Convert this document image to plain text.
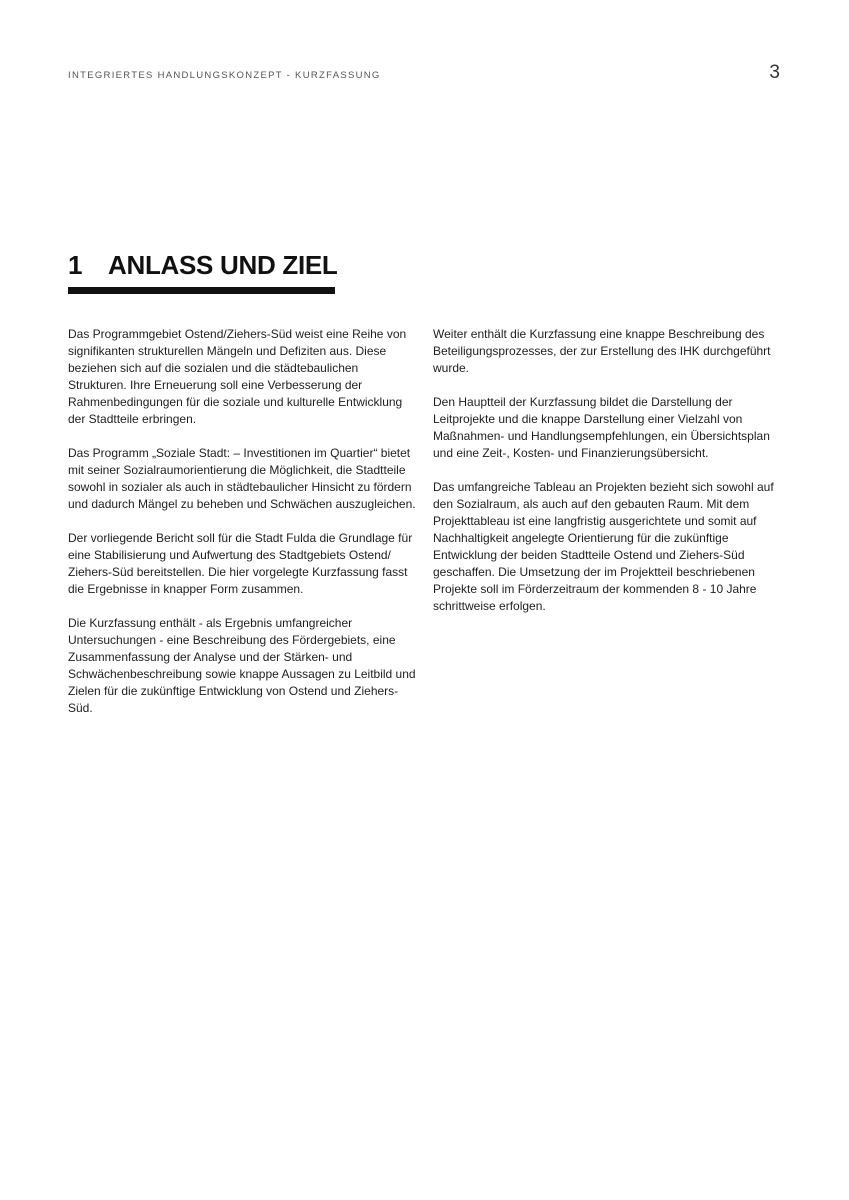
INTEGRIERTES HANDLUNGSKONZEPT - KURZFASSUNG	3
1 ANLASS UND ZIEL

Das Programmgebiet Ostend/Ziehers-Süd weist eine Reihe von signifikanten strukturellen Mängeln und Defiziten aus. Diese beziehen sich auf die sozialen und die städtebaulichen Strukturen. Ihre Erneuerung soll eine Verbesserung der Rahmenbedingungen für die soziale und kulturelle Entwicklung der Stadtteile erbringen.

Das Programm „Soziale Stadt: – Investitionen im Quartier“ bietet mit seiner Sozialraumorientierung die Möglichkeit, die Stadtteile sowohl in sozialer als auch in städtebaulicher Hinsicht zu fördern und dadurch Mängel zu beheben und Schwächen auszugleichen.

Der vorliegende Bericht soll für die Stadt Fulda die Grundlage für eine Stabilisierung und Aufwertung des Stadtgebiets Ostend/ Ziehers-Süd bereitstellen. Die hier vorgelegte Kurzfassung fasst die Ergebnisse in knapper Form zusammen.

Die Kurzfassung enthält - als Ergebnis umfangreicher Untersuchungen - eine Beschreibung des Fördergebiets, eine Zusammenfassung der Analyse und der Stärken- und Schwächenbeschreibung sowie knappe Aussagen zu Leitbild und Zielen für die zukünftige Entwicklung von Ostend und Ziehers-Süd.

Weiter enthält die Kurzfassung eine knappe Beschreibung des Beteiligungsprozesses, der zur Erstellung des IHK durchgeführt wurde.

Den Hauptteil der Kurzfassung bildet die Darstellung der Leitprojekte und die knappe Darstellung einer Vielzahl von Maßnahmen- und Handlungsempfehlungen, ein Übersichtsplan und eine Zeit-, Kosten- und Finanzierungsübersicht.

Das umfangreiche Tableau an Projekten bezieht sich sowohl auf den Sozialraum, als auch auf den gebauten Raum. Mit dem Projekttableau ist eine langfristig ausgerichtete und somit auf Nachhaltigkeit angelegte Orientierung für die zukünftige Entwicklung der beiden Stadtteile Ostend und Ziehers-Süd geschaffen. Die Umsetzung der im Projektteil beschriebenen Projekte soll im Förderzeitraum der kommenden 8 - 10 Jahre schrittweise erfolgen.
